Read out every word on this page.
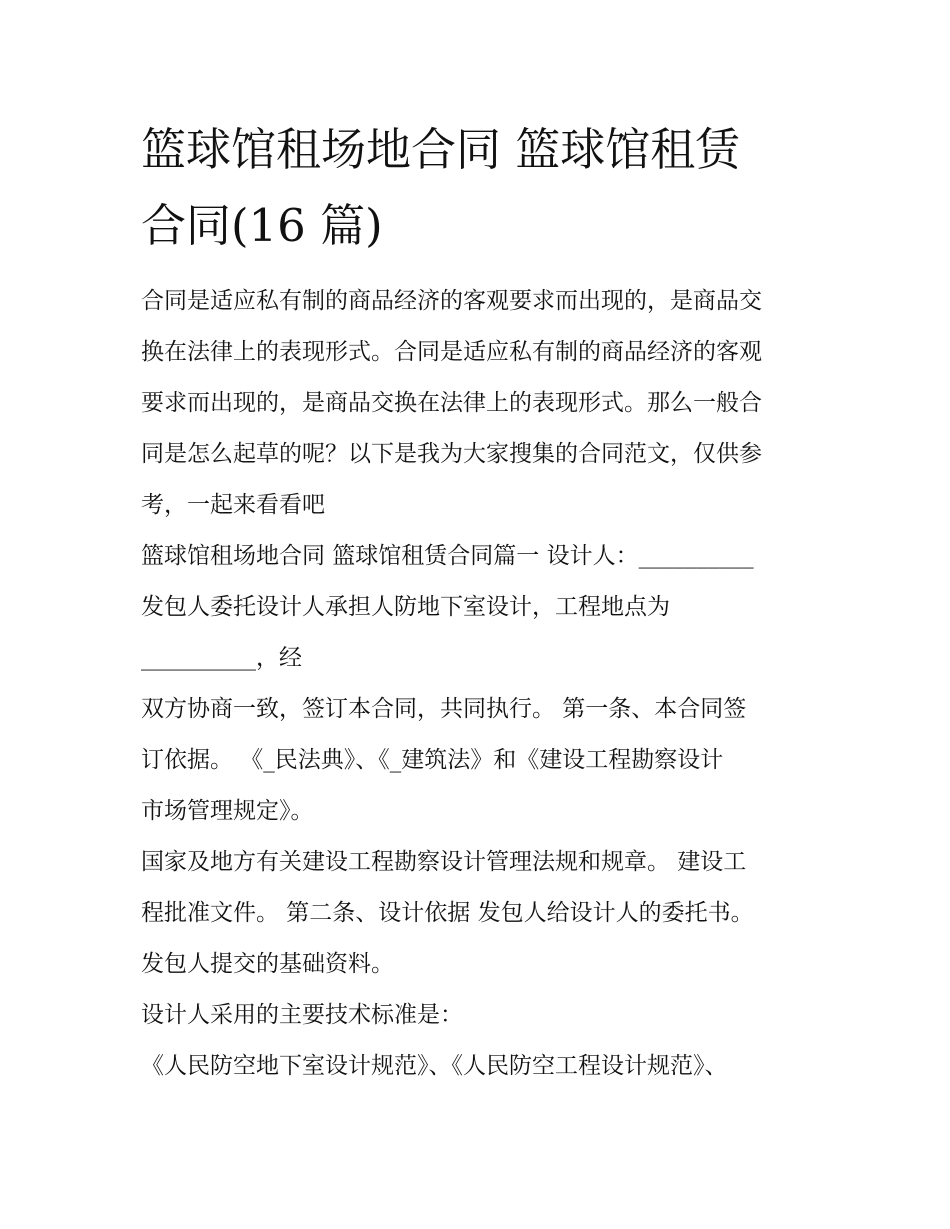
篮球馆租场地合同 篮球馆租赁
合同(16 篇)
合同是适应私有制的商品经济的客观要求而出现的，是商品交
换在法律上的表现形式。合同是适应私有制的商品经济的客观
要求而出现的，是商品交换在法律上的表现形式。那么一般合
同是怎么起草的呢？以下是我为大家搜集的合同范文，仅供参
考，一起来看看吧
篮球馆租场地合同 篮球馆租赁合同篇一 设计人：__________
发包人委托设计人承担人防地下室设计，工程地点为
__________，经
双方协商一致，签订本合同，共同执行。 第一条、本合同签
订依据。 《_民法典》、《_建筑法》和《建设工程勘察设计
市场管理规定》。
国家及地方有关建设工程勘察设计管理法规和规章。 建设工
程批准文件。 第二条、设计依据 发包人给设计人的委托书。
发包人提交的基础资料。
设计人采用的主要技术标准是：
《人民防空地下室设计规范》、《人民防空工程设计规范》、
